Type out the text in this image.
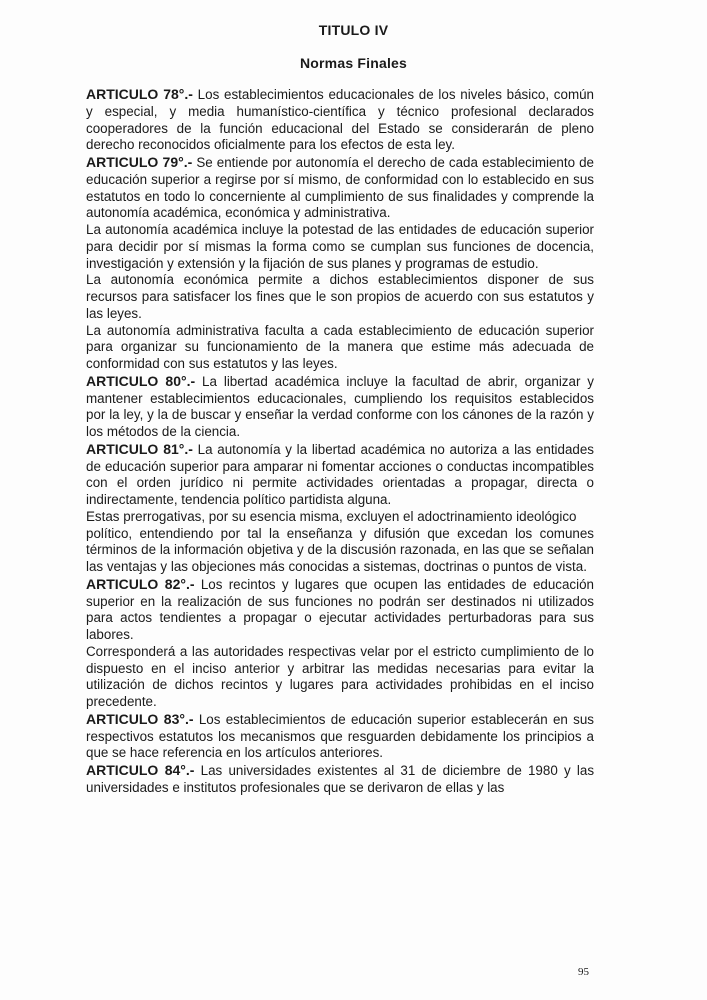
TITULO IV
Normas Finales

ARTICULO 78°.- Los establecimientos educacionales de los niveles básico, común y especial, y media humanístico-científica y técnico profesional declarados cooperadores de la función educacional del Estado se considerarán de pleno derecho reconocidos oficialmente para los efectos de esta ley.

ARTICULO 79°.- Se entiende por autonomía el derecho de cada establecimiento de educación superior a regirse por sí mismo, de conformidad con lo establecido en sus estatutos en todo lo concerniente al cumplimiento de sus finalidades y comprende la autonomía académica, económica y administrativa.

La autonomía académica incluye la potestad de las entidades de educación superior para decidir por sí mismas la forma como se cumplan sus funciones de docencia, investigación y extensión y la fijación de sus planes y programas de estudio.

La autonomía económica permite a dichos establecimientos disponer de sus recursos para satisfacer los fines que le son propios de acuerdo con sus estatutos y las leyes.

La autonomía administrativa faculta a cada establecimiento de educación superior para organizar su funcionamiento de la manera que estime más adecuada de conformidad con sus estatutos y las leyes.

ARTICULO 80°.- La libertad académica incluye la facultad de abrir, organizar y mantener establecimientos educacionales, cumpliendo los requisitos establecidos por la ley, y la de buscar y enseñar la verdad conforme con los cánones de la razón y los métodos de la ciencia.

ARTICULO 81°.- La autonomía y la libertad académica no autoriza a las entidades de educación superior para amparar ni fomentar acciones o conductas incompatibles con el orden jurídico ni permite actividades orientadas a propagar, directa o indirectamente, tendencia político partidista alguna.

Estas prerrogativas, por su esencia misma, excluyen el adoctrinamiento ideológico

político, entendiendo por tal la enseñanza y difusión que excedan los comunes términos de la información objetiva y de la discusión razonada, en las que se señalan las ventajas y las objeciones más conocidas a sistemas, doctrinas o puntos de vista.

ARTICULO 82°.- Los recintos y lugares que ocupen las entidades de educación superior en la realización de sus funciones no podrán ser destinados ni utilizados para actos tendientes a propagar o ejecutar actividades perturbadoras para sus labores.

Corresponderá a las autoridades respectivas velar por el estricto cumplimiento de lo dispuesto en el inciso anterior y arbitrar las medidas necesarias para evitar la utilización de dichos recintos y lugares para actividades prohibidas en el inciso precedente.

ARTICULO 83°.- Los establecimientos de educación superior establecerán en sus respectivos estatutos los mecanismos que resguarden debidamente los principios a que se hace referencia en los artículos anteriores.

ARTICULO 84°.- Las universidades existentes al 31 de diciembre de 1980 y las universidades e institutos profesionales que se derivaron de ellas y las

95
